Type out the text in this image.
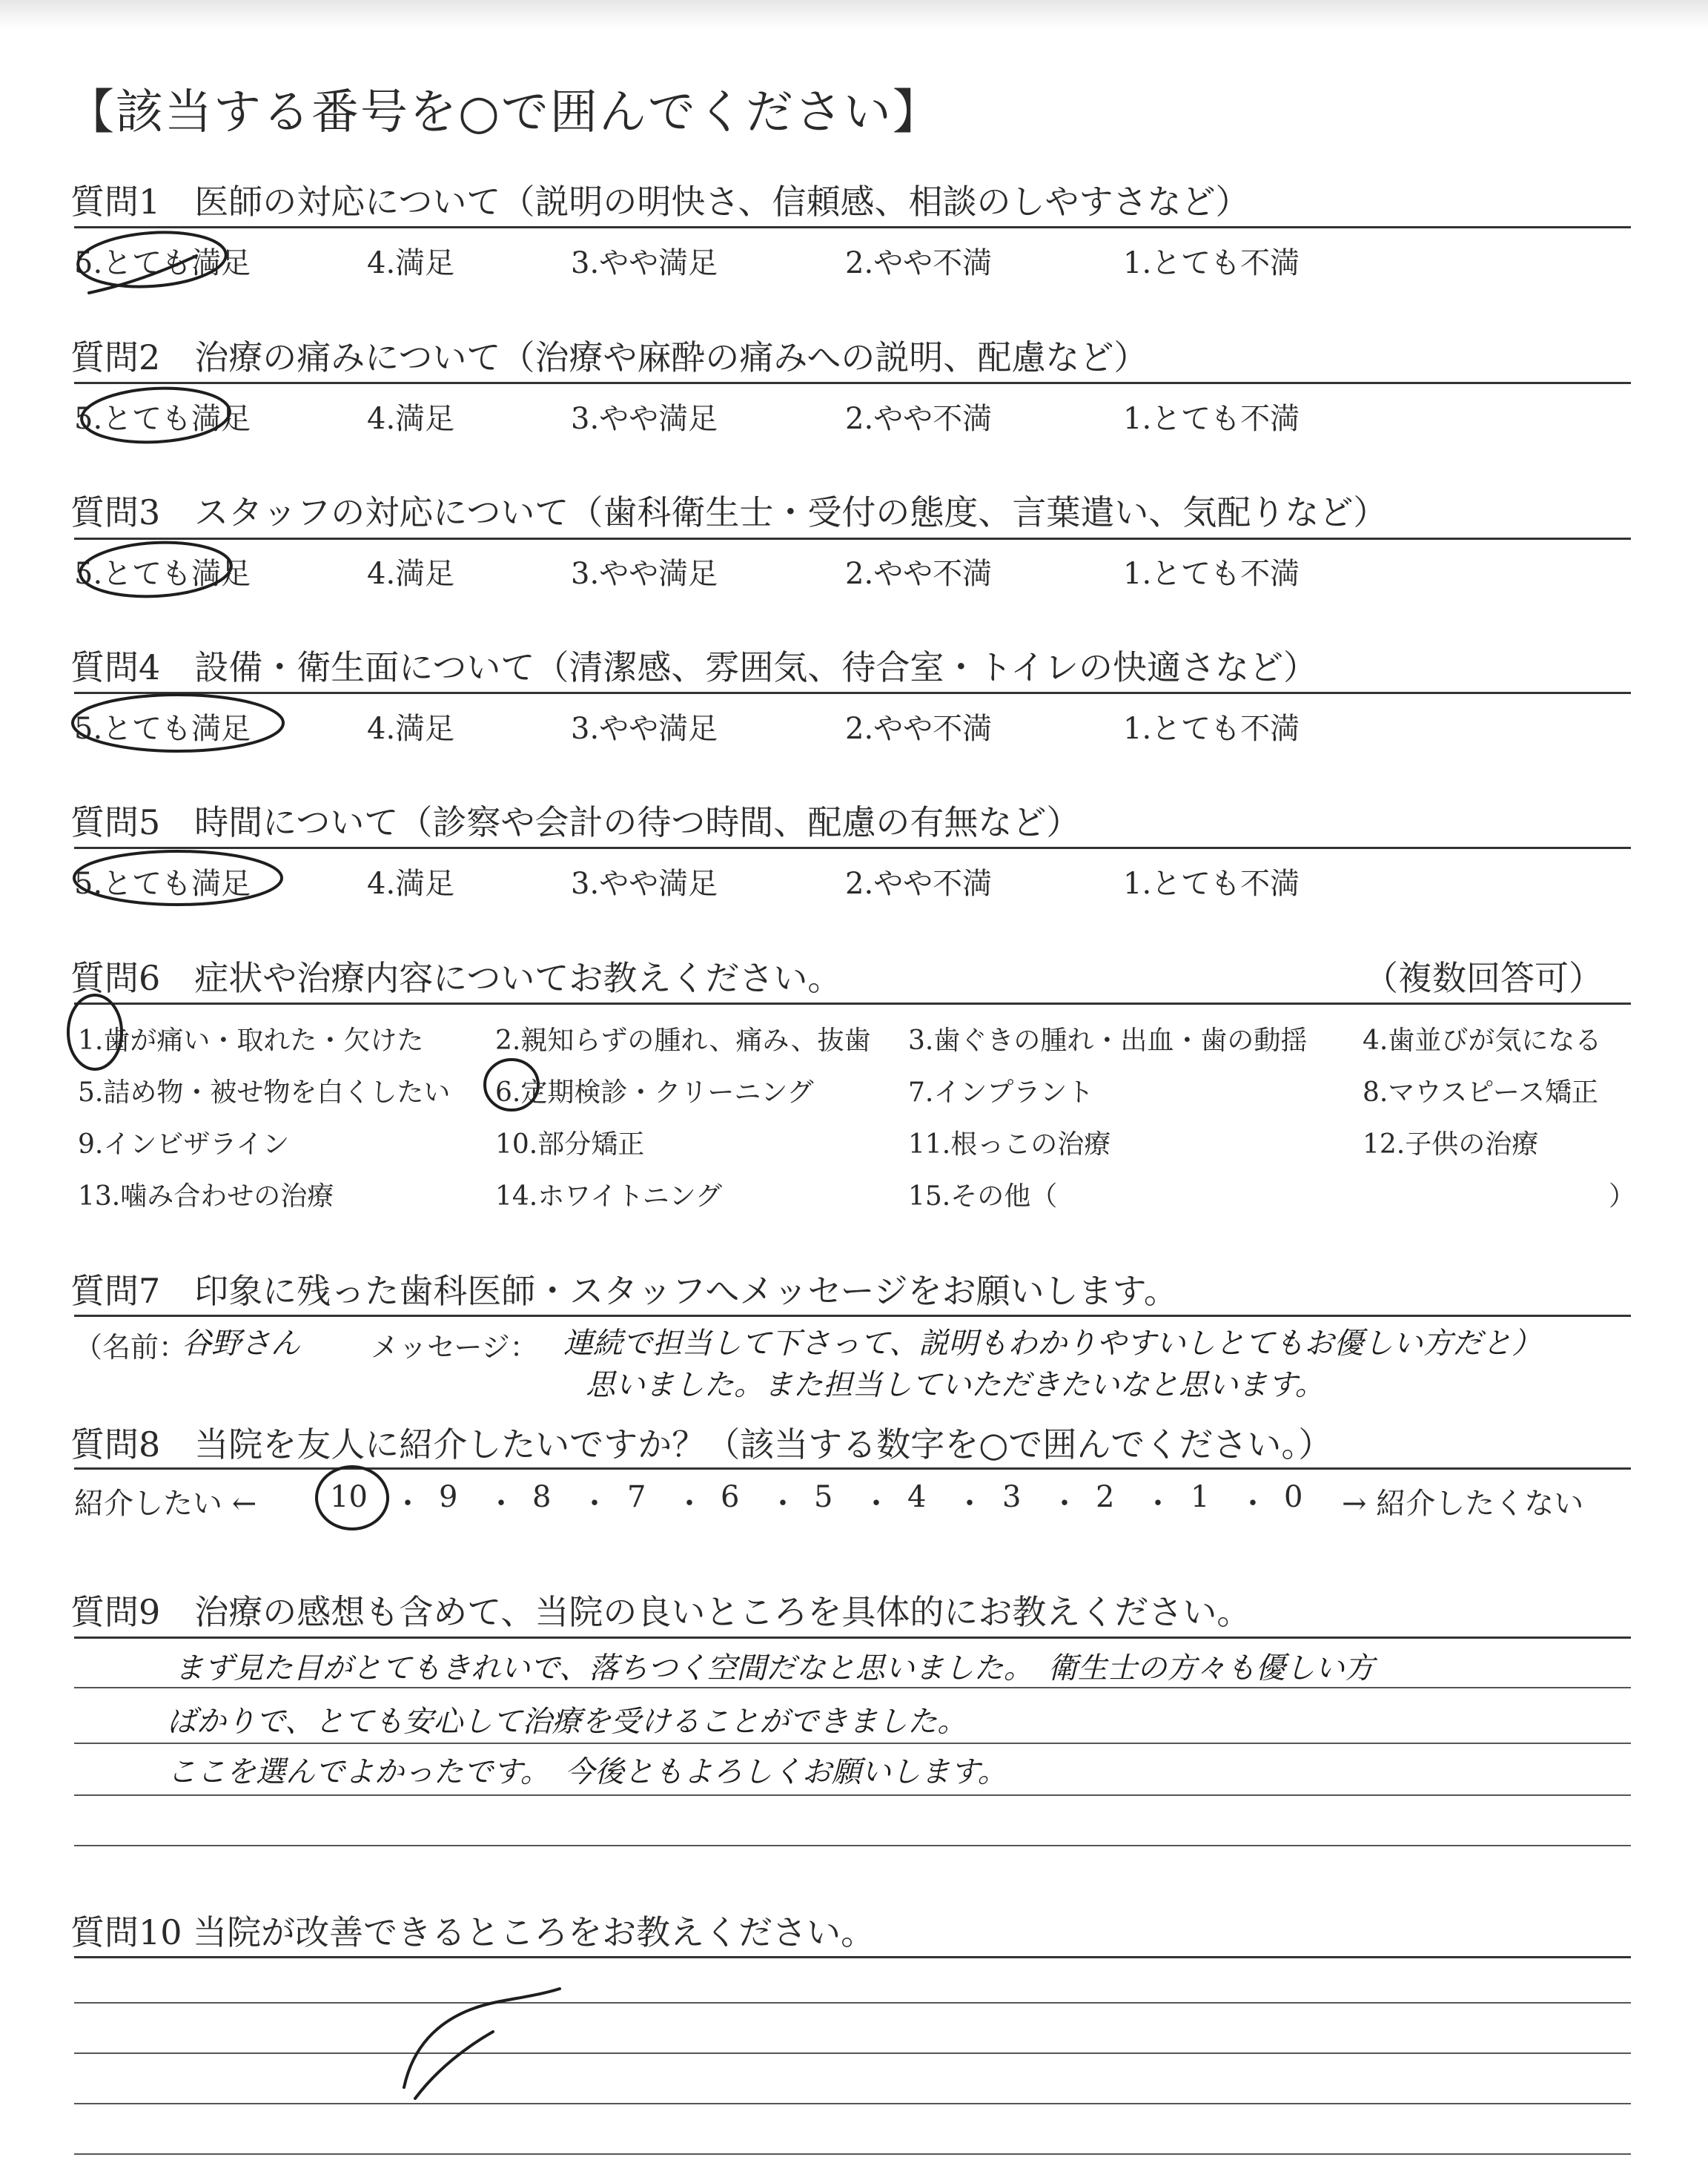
【該当する番号を○で囲んでください】
質問1　医師の対応について（説明の明快さ、信頼感、相談のしやすさなど）
5.とても満足	4.満足	3.やや満足	2.やや不満	1.とても不満
質問2　治療の痛みについて（治療や麻酔の痛みへの説明、配慮など）
5.とても満足	4.満足	3.やや満足	2.やや不満	1.とても不満
質問3　スタッフの対応について（歯科衛生士・受付の態度、言葉遣い、気配りなど）
5.とても満足	4.満足	3.やや満足	2.やや不満	1.とても不満
質問4　設備・衛生面について（清潔感、雰囲気、待合室・トイレの快適さなど）
5.とても満足	4.満足	3.やや満足	2.やや不満	1.とても不満
質問5　時間について（診察や会計の待つ時間、配慮の有無など）
5.とても満足	4.満足	3.やや満足	2.やや不満	1.とても不満
質問6　症状や治療内容についてお教えください。	（複数回答可）
1.歯が痛い・取れた・欠けた	2.親知らずの腫れ、痛み、抜歯 3.歯ぐきの腫れ・出血・歯の動揺 4.歯並びが気になる
5.詰め物・被せ物を白くしたい 6.定期検診・クリーニング	7.インプラント	8.マウスピース矯正
9.インビザライン	10.部分矯正	11.根っこの治療	12.子供の治療
13.噛み合わせの治療	14.ホワイトニング	15.その他（	）
質問7　印象に残った歯科医師・スタッフへメッセージをお願いします。
（名前：
谷野さん	メッセージ： 連続で担当して下さって、説明もわかりやすいしとてもお優しい方だと）
思いました。また担当していただきたいなと思います。
質問8　当院を友人に紹介したいですか？（該当する数字を○で囲んでください。）
紹介したい ←	→ 紹介したくない
10 ・ 9 ・ 8 ・ 7 ・ 6 ・ 5 ・ 4 ・ 3 ・ 2 ・ 1 ・ 0
質問9　治療の感想も含めて、当院の良いところを具体的にお教えください。
まず見た目がとてもきれいで、落ちつく空間だなと思いました。　衛生士の方々も優しい方
ばかりで、とても安心して治療を受けることができました。
ここを選んでよかったです。　今後ともよろしくお願いします。
質問10 当院が改善できるところをお教えください。
